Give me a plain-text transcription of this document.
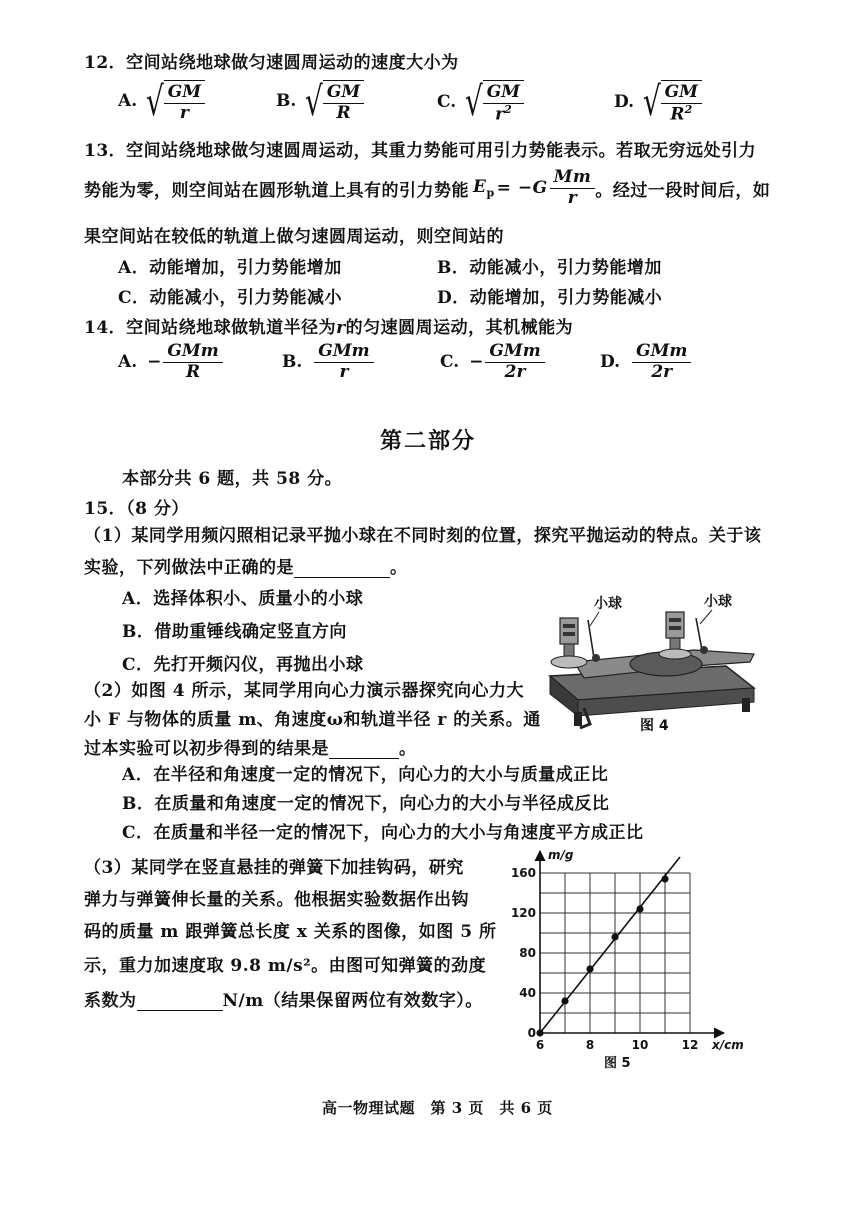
12．空间站绕地球做匀速圆周运动的速度大小为
A. √ $\frac{GM}{r}$	B. √ $\frac{GM}{R}$	C. √ $\frac{GM}{r^2}$	D. √ $\frac{GM}{R^2}$
13．空间站绕地球做匀速圆周运动，其重力势能可用引力势能表示。若取无穷远处引力
势能为零，则空间站在圆形轨道上具有的引力势能 $E_p = -G \frac{Mm}{r}$ 。经过一段时间后，如
果空间站在较低的轨道上做匀速圆周运动，则空间站的
A．动能增加，引力势能增加	B．动能减小，引力势能增加
C．动能减小，引力势能减小	D．动能增加，引力势能减小
14．空间站绕地球做轨道半径为r的匀速圆周运动，其机械能为
A. − $\frac{\text{GMm}}{R}$	B. $\frac{\text{GMm}}{r}$	C. − $\frac{\text{GMm}}{2r}$	D. $\frac{\text{GMm}}{2r}$
第二部分
本部分共 6 题，共 58 分。
15．（8 分）
（1）某同学用频闪照相记录平抛小球在不同时刻的位置，探究平抛运动的特点。关于该
实验，下列做法中正确的是	。
A．选择体积小、质量小的小球
B．借助重锤线确定竖直方向
C．先打开频闪仪，再抛出小球
（2）如图 4 所示，某同学用向心力演示器探究向心力大
小 F 与物体的质量 m、角速度ω和轨道半径 r 的关系。通
过本实验可以初步得到的结果是	。
A．在半径和角速度一定的情况下，向心力的大小与质量成正比
B．在质量和角速度一定的情况下，向心力的大小与半径成反比
C．在质量和半径一定的情况下，向心力的大小与角速度平方成正比
（3）某同学在竖直悬挂的弹簧下加挂钩码，研究
弹力与弹簧伸长量的关系。他根据实验数据作出钩
码的质量 m 跟弹簧总长度 x 关系的图像，如图 5 所
示，重力加速度取 9.8 m/s²。由图可知弹簧的劲度
系数为	N/m（结果保留两位有效数字）。
小球	小球
图 4
160
120
80
40
0
6	8	10	12
m/g
x/cm
图 5
高一物理试题　第 3 页　共 6 页
